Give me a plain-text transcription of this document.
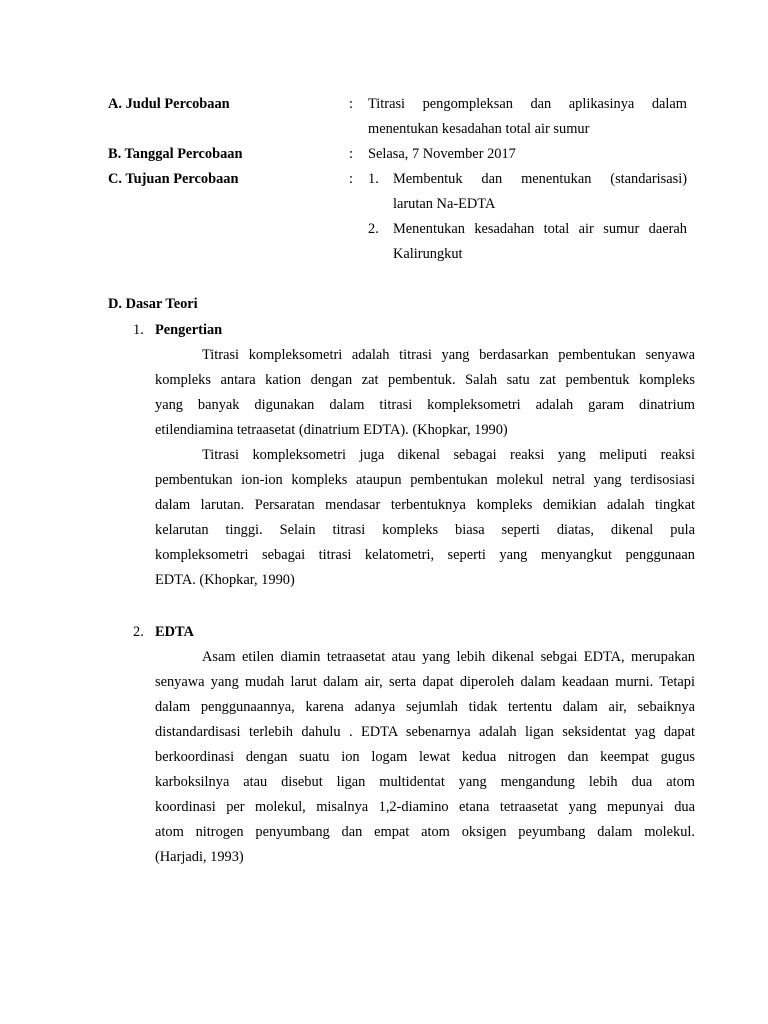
A. Judul Percobaan	: Titrasi pengompleksan dan aplikasinya dalam

menentukan kesadahan total air sumur

B. Tanggal Percobaan	: Selasa, 7 November 2017

C. Tujuan Percobaan	: 1. Membentuk dan menentukan (standarisasi)

larutan Na-EDTA

2. Menentukan kesadahan total air sumur daerah

Kalirungkut

D. Dasar Teori
1. Pengertian
Titrasi kompleksometri adalah titrasi yang berdasarkan pembentukan senyawa
kompleks antara kation dengan zat pembentuk. Salah satu zat pembentuk kompleks
yang banyak digunakan dalam titrasi kompleksometri adalah garam dinatrium
etilendiamina tetraasetat (dinatrium EDTA). (Khopkar, 1990)
Titrasi kompleksometri juga dikenal sebagai reaksi yang meliputi reaksi
pembentukan ion-ion kompleks ataupun pembentukan molekul netral yang terdisosiasi
dalam larutan. Persaratan mendasar terbentuknya kompleks demikian adalah tingkat
kelarutan tinggi. Selain titrasi kompleks biasa seperti diatas, dikenal pula
kompleksometri sebagai titrasi kelatometri, seperti yang menyangkut penggunaan
EDTA. (Khopkar, 1990)
2. EDTA
Asam etilen diamin tetraasetat atau yang lebih dikenal sebgai EDTA, merupakan
senyawa yang mudah larut dalam air, serta dapat diperoleh dalam keadaan murni. Tetapi
dalam penggunaannya, karena adanya sejumlah tidak tertentu dalam air, sebaiknya
distandardisasi terlebih dahulu . EDTA sebenarnya adalah ligan seksidentat yag dapat
berkoordinasi dengan suatu ion logam lewat kedua nitrogen dan keempat gugus
karboksilnya atau disebut ligan multidentat yang mengandung lebih dua atom
koordinasi per molekul, misalnya 1,2-diamino etana tetraasetat yang mepunyai dua
atom nitrogen penyumbang dan empat atom oksigen peyumbang dalam molekul.
(Harjadi, 1993)
